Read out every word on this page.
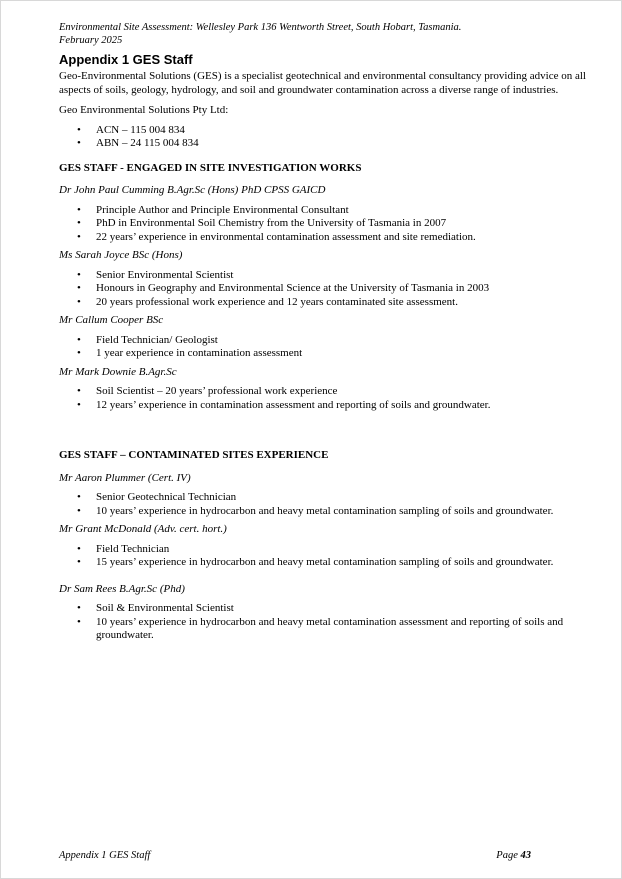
Environmental Site Assessment: Wellesley Park 136 Wentworth Street, South Hobart, Tasmania.
February 2025
Appendix 1 GES Staff

Geo-Environmental Solutions (GES) is a specialist geotechnical and environmental consultancy providing advice on all aspects of soils, geology, hydrology, and soil and groundwater contamination across a diverse range of industries.

Geo Environmental Solutions Pty Ltd:

• ACN – 115 004 834
• ABN – 24 115 004 834

GES STAFF - ENGAGED IN SITE INVESTIGATION WORKS

Dr John Paul Cumming B.Agr.Sc (Hons) PhD CPSS GAICD

• Principle Author and Principle Environmental Consultant
• PhD in Environmental Soil Chemistry from the University of Tasmania in 2007
• 22 years’ experience in environmental contamination assessment and site remediation.

Ms Sarah Joyce BSc (Hons)

• Senior Environmental Scientist
• Honours in Geography and Environmental Science at the University of Tasmania in 2003
• 20 years professional work experience and 12 years contaminated site assessment.

Mr Callum Cooper BSc

• Field Technician/ Geologist
• 1 year experience in contamination assessment

Mr Mark Downie B.Agr.Sc

• Soil Scientist – 20 years’ professional work experience
• 12 years’ experience in contamination assessment and reporting of soils and groundwater.

GES STAFF – CONTAMINATED SITES EXPERIENCE

Mr Aaron Plummer (Cert. IV)

• Senior Geotechnical Technician
• 10 years’ experience in hydrocarbon and heavy metal contamination sampling of soils and groundwater.

Mr Grant McDonald (Adv. cert. hort.)

• Field Technician
• 15 years’ experience in hydrocarbon and heavy metal contamination sampling of soils and groundwater.

Dr Sam Rees B.Agr.Sc (Phd)

• Soil & Environmental Scientist
• 10 years’ experience in hydrocarbon and heavy metal contamination assessment and reporting of soils and groundwater.
Appendix 1 GES Staff	Page 43
